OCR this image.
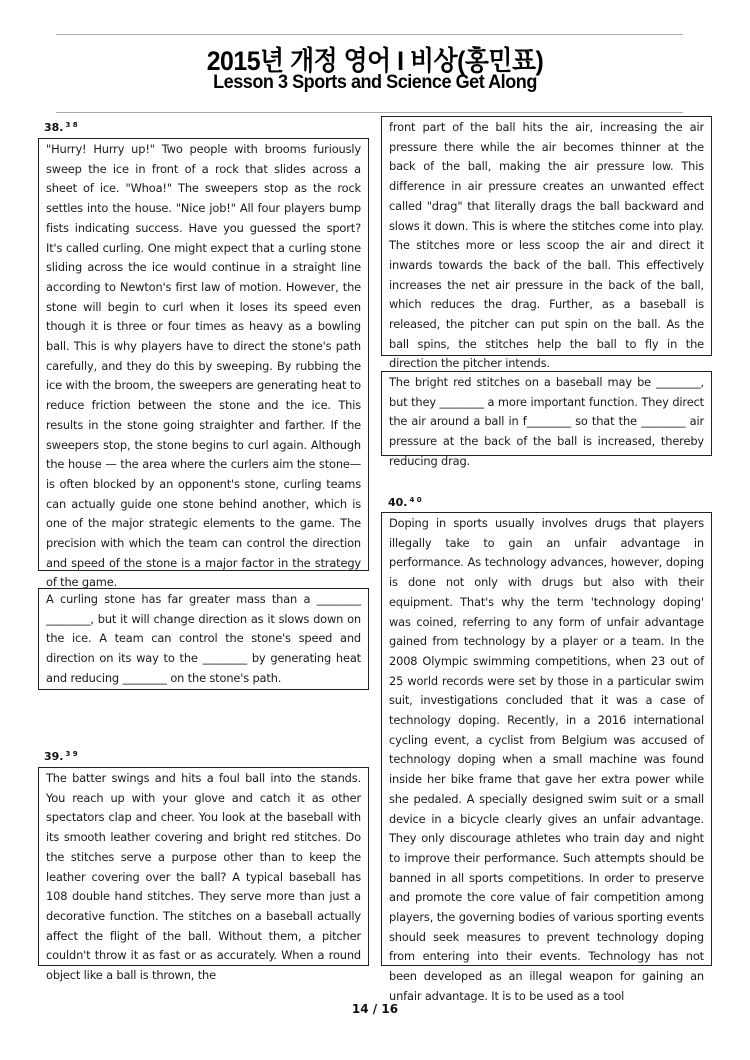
2015년 개정 영어 I 비상(홍민표)
Lesson 3 Sports and Science Get Along
38. $^{3 8}$

"Hurry! Hurry up!" Two people with brooms furiously sweep the ice in front of a rock that slides across a sheet of ice. "Whoa!" The sweepers stop as the rock settles into the house. "Nice job!" All four players bump fists indicating success. Have you guessed the sport? It's called curling. One might expect that a curling stone sliding across the ice would continue in a straight line according to Newton's first law of motion. However, the stone will begin to curl when it loses its speed even though it is three or four times as heavy as a bowling ball. This is why players have to direct the stone's path carefully, and they do this by sweeping. By rubbing the ice with the broom, the sweepers are generating heat to reduce friction between the stone and the ice. This results in the stone going straighter and farther. If the sweepers stop, the stone begins to curl again. Although the house — the area where the curlers aim the stone—is often blocked by an opponent's stone, curling teams can actually guide one stone behind another, which is one of the major strategic elements to the game. The precision with which the team can control the direction and speed of the stone is a major factor in the strategy of the game.

A curling stone has far greater mass than a ________ ________, but it will change direction as it slows down on the ice. A team can control the stone's speed and direction on its way to the ________ by generating heat and reducing ________ on the stone's path.

39. $^{3 9}$

The batter swings and hits a foul ball into the stands. You reach up with your glove and catch it as other spectators clap and cheer. You look at the baseball with its smooth leather covering and bright red stitches. Do the stitches serve a purpose other than to keep the leather covering over the ball? A typical baseball has 108 double hand stitches. They serve more than just a decorative function. The stitches on a baseball actually affect the flight of the ball. Without them, a pitcher couldn't throw it as fast or as accurately. When a round object like a ball is thrown, the

front part of the ball hits the air, increasing the air pressure there while the air becomes thinner at the back of the ball, making the air pressure low. This difference in air pressure creates an unwanted effect called "drag" that literally drags the ball backward and slows it down. This is where the stitches come into play. The stitches more or less scoop the air and direct it inwards towards the back of the ball. This effectively increases the net air pressure in the back of the ball, which reduces the drag. Further, as a baseball is released, the pitcher can put spin on the ball. As the ball spins, the stitches help the ball to fly in the direction the pitcher intends.

The bright red stitches on a baseball may be ________, but they ________ a more important function. They direct the air around a ball in f________ so that the ________ air pressure at the back of the ball is increased, thereby reducing drag.

40. $^{4 0}$

Doping in sports usually involves drugs that players illegally take to gain an unfair advantage in performance. As technology advances, however, doping is done not only with drugs but also with their equipment. That's why the term 'technology doping' was coined, referring to any form of unfair advantage gained from technology by a player or a team. In the 2008 Olympic swimming competitions, when 23 out of 25 world records were set by those in a particular swim suit, investigations concluded that it was a case of technology doping. Recently, in a 2016 international cycling event, a cyclist from Belgium was accused of technology doping when a small machine was found inside her bike frame that gave her extra power while she pedaled. A specially designed swim suit or a small device in a bicycle clearly gives an unfair advantage. They only discourage athletes who train day and night to improve their performance. Such attempts should be banned in all sports competitions. In order to preserve and promote the core value of fair competition among players, the governing bodies of various sporting events should seek measures to prevent technology doping from entering into their events. Technology has not been developed as an illegal weapon for gaining an unfair advantage. It is to be used as a tool

14 / 16
